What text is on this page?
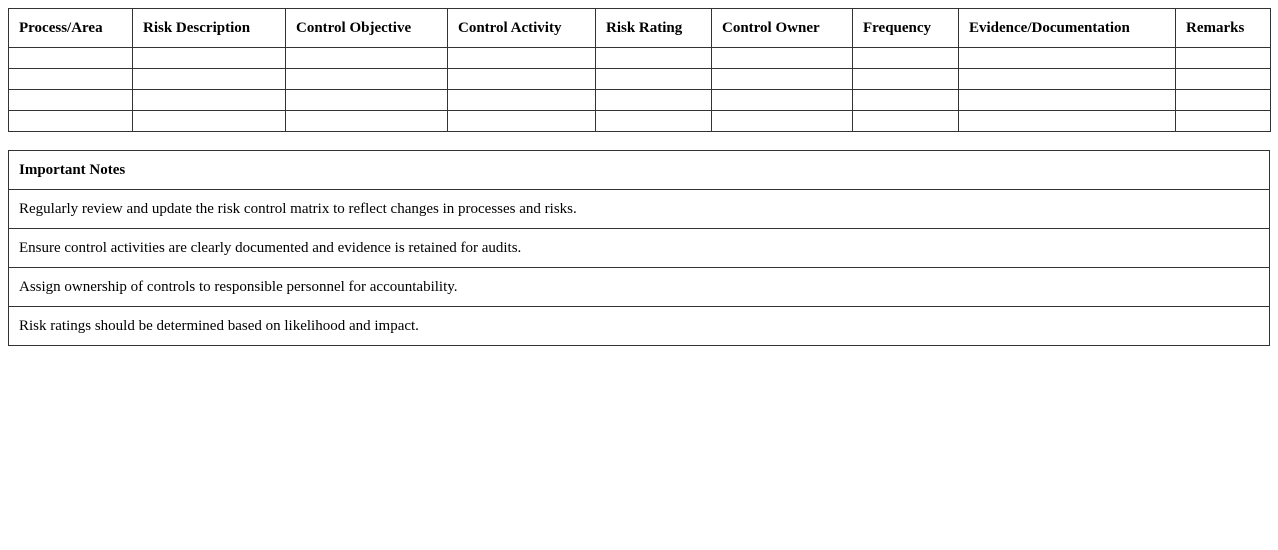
Process/Area	Risk Description	Control Objective	Control Activity	Risk Rating	Control Owner	Frequency	Evidence/Documentation	Remarks

Important Notes
Regularly review and update the risk control matrix to reflect changes in processes and risks.
Ensure control activities are clearly documented and evidence is retained for audits.
Assign ownership of controls to responsible personnel for accountability.
Risk ratings should be determined based on likelihood and impact.
